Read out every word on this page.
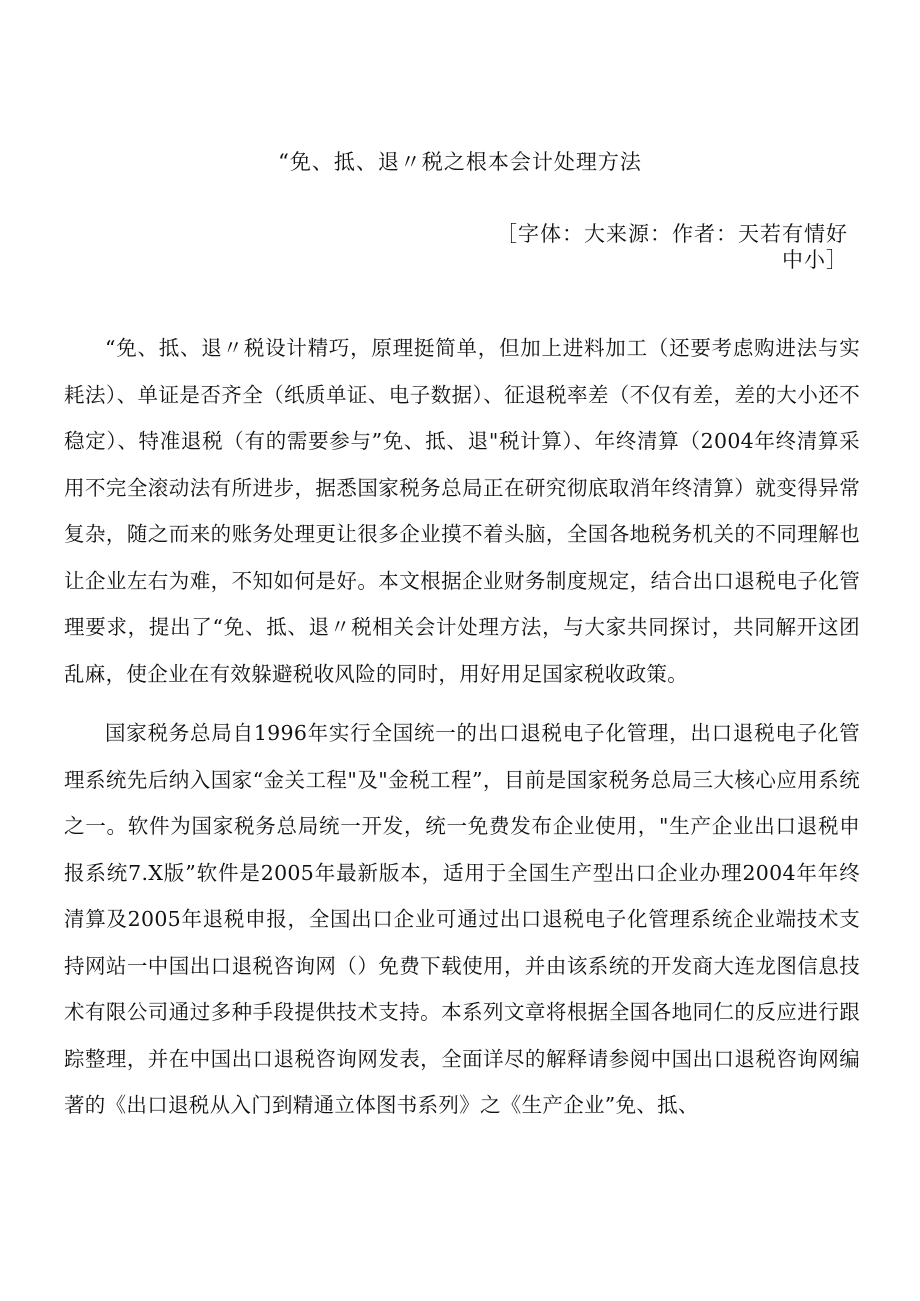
“免、抵、退〃税之根本会计处理方法
［字体：大来源：作者：天若有情好
中小］

“免、抵、退〃税设计精巧，原理挺简单，但加上进料加工（还要考虑购进法与实耗法）、单证是否齐全（纸质单证、电子数据）、征退税率差（不仅有差，差的大小还不稳定）、特准退税（有的需要参与”免、抵、退"税计算）、年终清算（2004年终清算采用不完全滚动法有所进步，据悉国家税务总局正在研究彻底取消年终清算）就变得异常复杂，随之而来的账务处理更让很多企业摸不着头脑，全国各地税务机关的不同理解也让企业左右为难，不知如何是好。本文根据企业财务制度规定，结合出口退税电子化管理要求，提出了“免、抵、退〃税相关会计处理方法，与大家共同探讨，共同解开这团乱麻，使企业在有效躲避税收风险的同时，用好用足国家税收政策。

国家税务总局自1996年实行全国统一的出口退税电子化管理，出口退税电子化管理系统先后纳入国家“金关工程"及"金税工程”，目前是国家税务总局三大核心应用系统之一。软件为国家税务总局统一开发，统一免费发布企业使用，"生产企业出口退税申报系统7.X版”软件是2005年最新版本，适用于全国生产型出口企业办理2004年年终清算及2005年退税申报，全国出口企业可通过出口退税电子化管理系统企业端技术支持网站一中国出口退税咨询网（）免费下载使用，并由该系统的开发商大连龙图信息技术有限公司通过多种手段提供技术支持。本系列文章将根据全国各地同仁的反应进行跟踪整理，并在中国出口退税咨询网发表，全面详尽的解释请参阅中国出口退税咨询网编著的《出口退税从入门到精通立体图书系列》之《生产企业”免、抵、
